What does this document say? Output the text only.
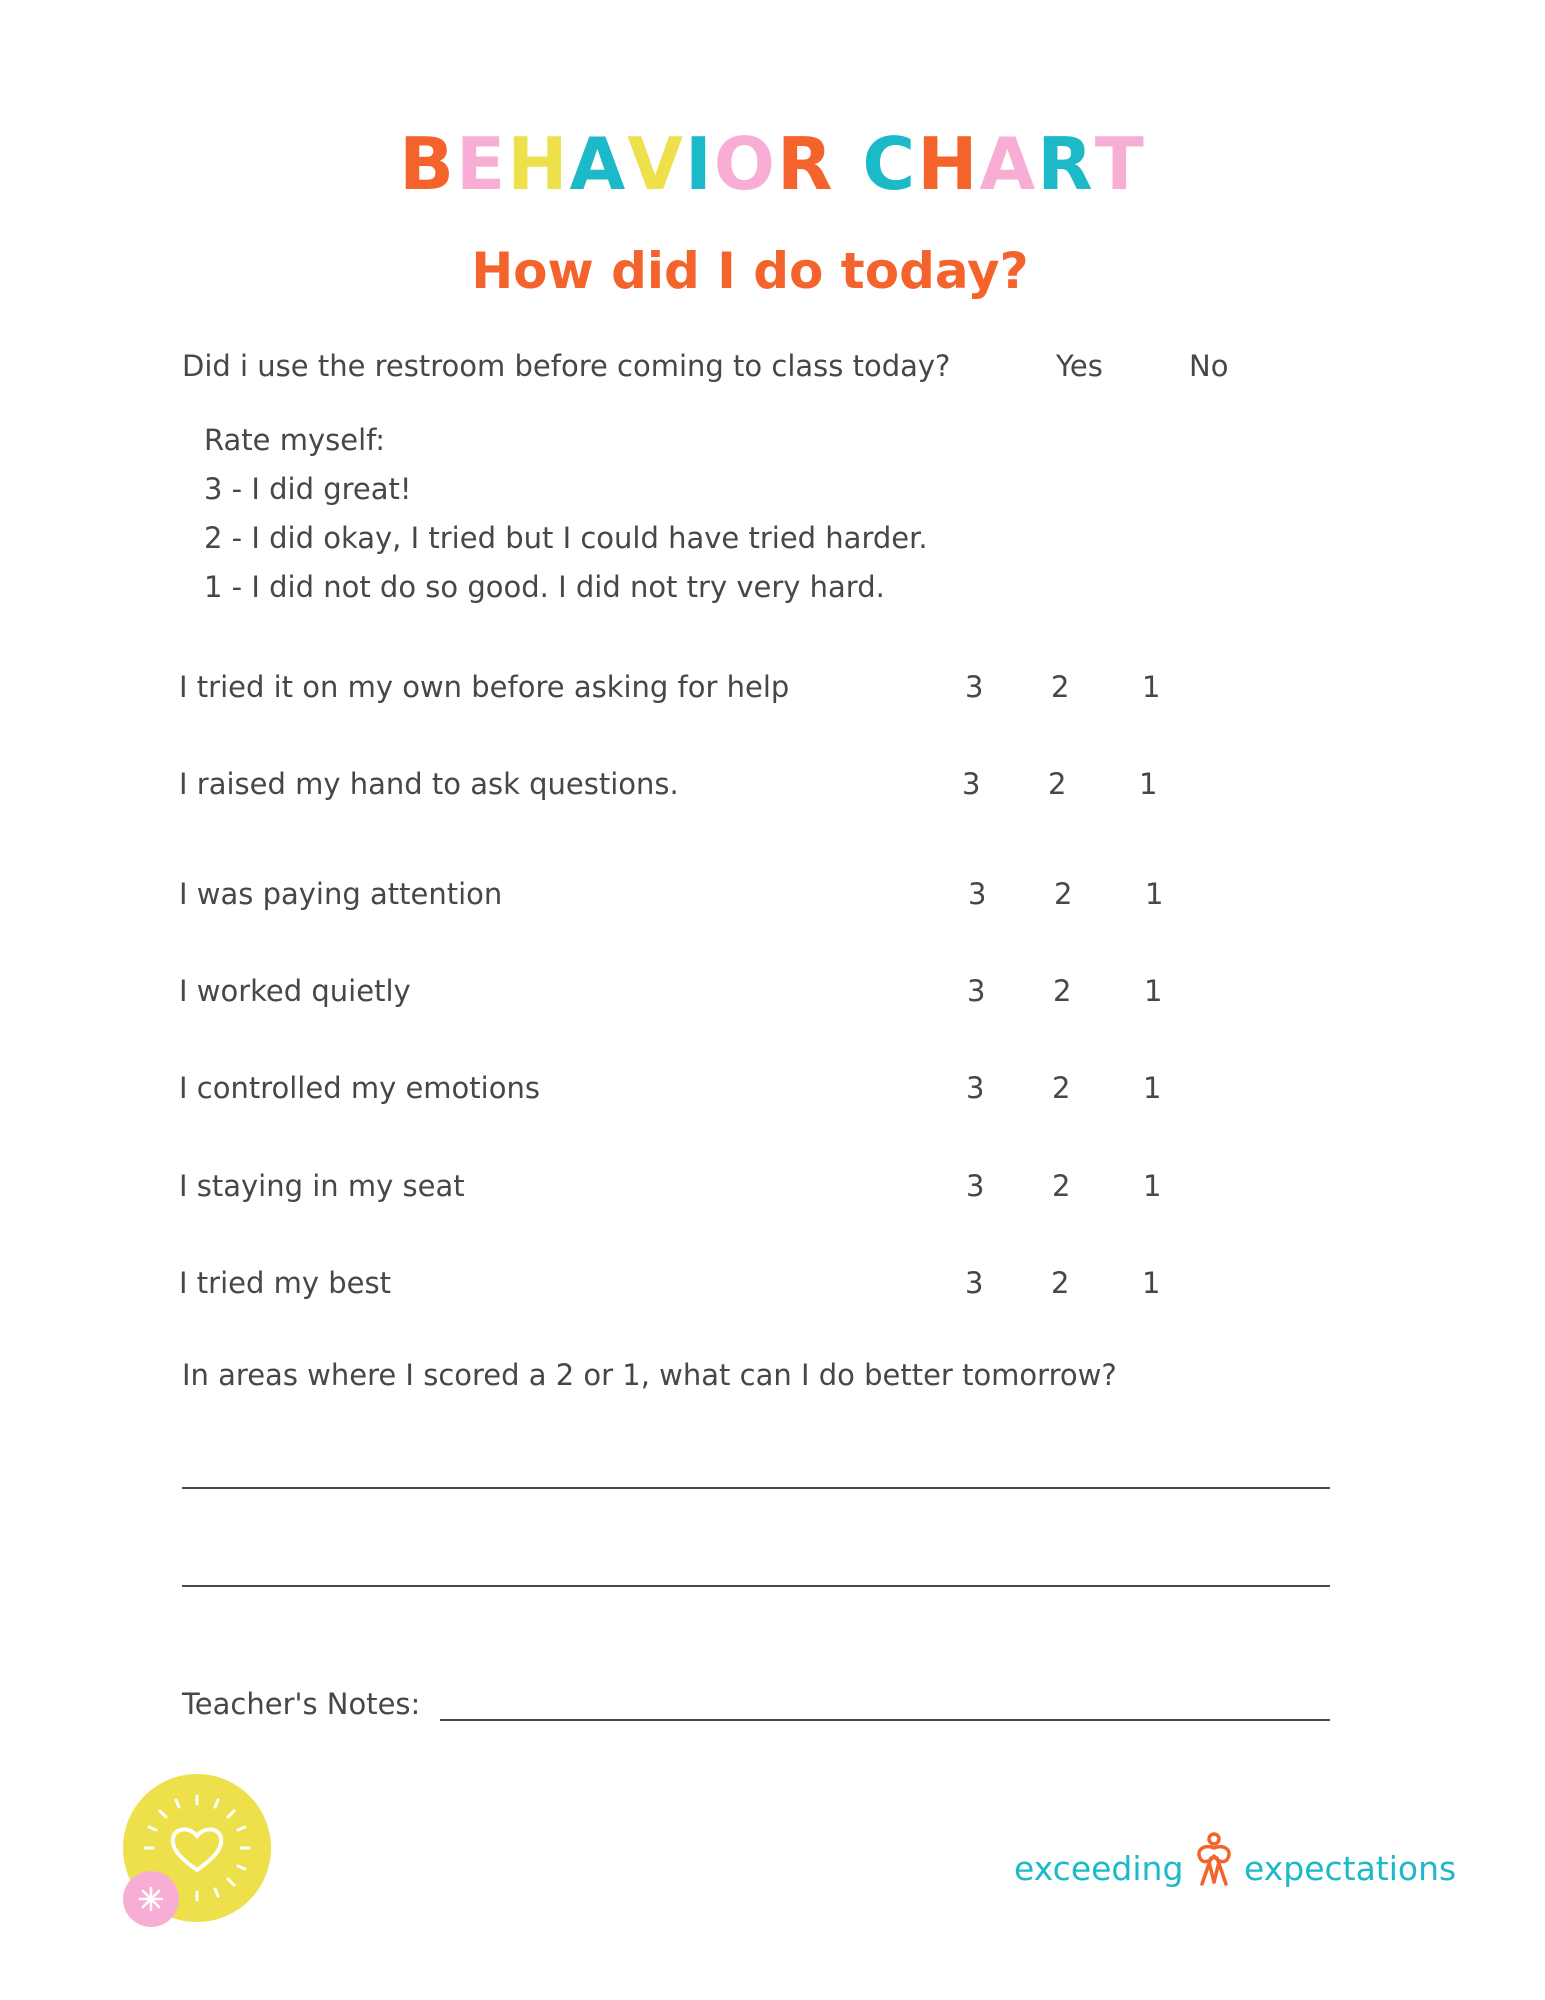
BEHAVIOR CHART
How did I do today?
Did i use the restroom before coming to class today?	Yes	No
Rate myself:
3 - I did great!
2 - I did okay, I tried but I could have tried harder.
1 - I did not do so good. I did not try very hard.
I tried it on my own before asking for help	3 2	1
I raised my hand to ask questions.	3 2	1
I was paying attention	3 2	1
I worked quietly	3 2	1
I controlled my emotions	3 2	1
I staying in my seat	3 2	1
I tried my best	3 2	1
In areas where I scored a 2 or 1, what can I do better tomorrow?
Teacher's Notes:
exceeding expectations
